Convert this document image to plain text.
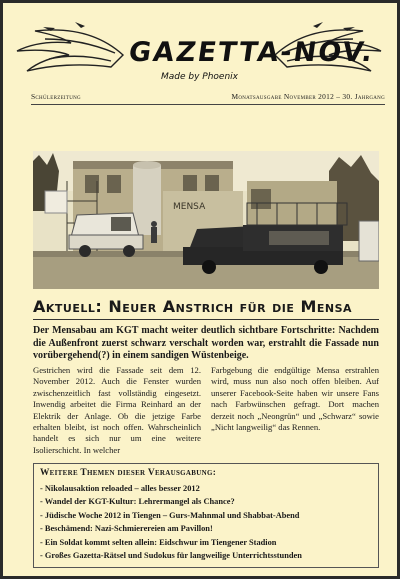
GAZETTA-NOV.
Made by Phoenix
Schülerzeitung	Monatsausgabe November 2012 – 30. Jahrgang
MENSA
Aktuell: Neuer Anstrich für die Mensa
Der Mensabau am KGT macht weiter deutlich sichtbare Fortschritte: Nachdem die Außenfront zuerst schwarz verschalt worden war, erstrahlt die Fassade nun vorübergehend(?) in einem sandigen Wüstenbeige.
Gestrichen wird die Fassade seit dem 12. November 2012. Auch die Fenster wurden zwischenzeitlich fast vollständig eingesetzt. Inwendig arbeitet die Firma Reinhard an der Elektrik der Anlage. Ob die jetzige Farbe erhalten bleibt, ist noch offen. Wahrscheinlich handelt es sich nur um eine weitere Isolierschicht. In welcher
Farbgebung die endgültige Mensa erstrahlen wird, muss nun also noch offen bleiben. Auf unserer Facebook-Seite haben wir unsere Fans nach Farbwünschen gefragt. Dort machen derzeit noch „Neongrün“ und „Schwarz“ sowie „Nicht langweilig“ das Rennen.
Weitere Themen dieser Verausgabung:
- Nikolausaktion reloaded – alles besser 2012
- Wandel der KGT-Kultur: Lehrermangel als Chance?
- Jüdische Woche 2012 in Tiengen – Gurs-Mahnmal und Shabbat-Abend
- Beschämend: Nazi-Schmierereien am Pavillon!
- Ein Soldat kommt selten allein: Eidschwur im Tiengener Stadion
- Großes Gazetta-Rätsel und Sudokus für langweilige Unterrichtsstunden
